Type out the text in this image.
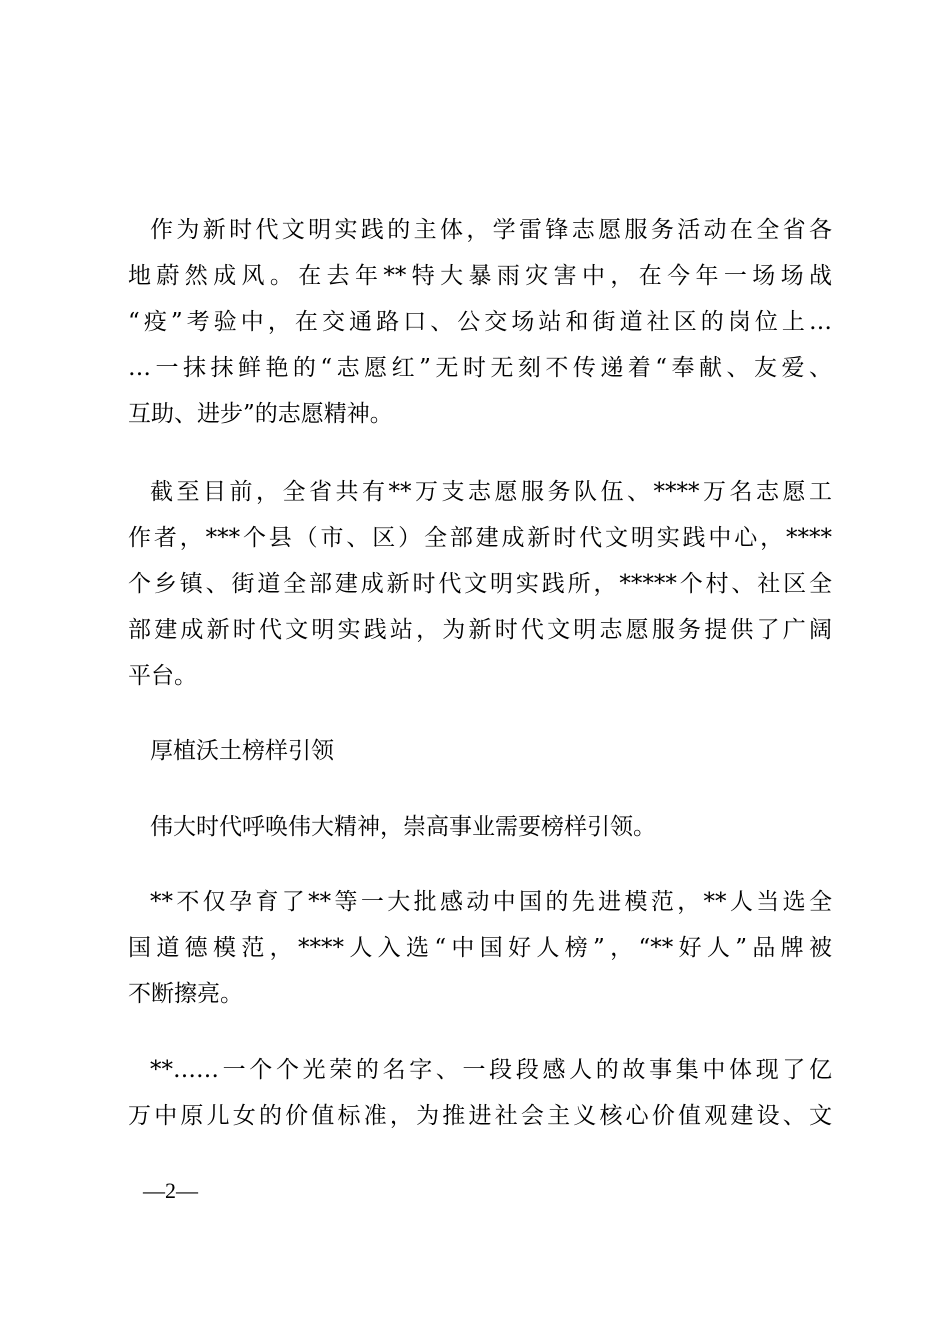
作为新时代文明实践的主体，学雷锋志愿服务活动在全省各
地蔚然成风。在去年**特大暴雨灾害中，在今年一场场战
“疫”考验中，在交通路口、公交场站和街道社区的岗位上…
…一抹抹鲜艳的“志愿红”无时无刻不传递着“奉献、友爱、
互助、进步”的志愿精神。
截至目前，全省共有**万支志愿服务队伍、****万名志愿工
作者，***个县（市、区）全部建成新时代文明实践中心，****
个乡镇、街道全部建成新时代文明实践所，*****个村、社区全
部建成新时代文明实践站，为新时代文明志愿服务提供了广阔
平台。
厚植沃土榜样引领
伟大时代呼唤伟大精神，崇高事业需要榜样引领。
**不仅孕育了**等一大批感动中国的先进模范，**人当选全
国道德模范，****人入选“中国好人榜”，“**好人”品牌被
不断擦亮。
**……一个个光荣的名字、一段段感人的故事集中体现了亿
万中原儿女的价值标准，为推进社会主义核心价值观建设、文
—2—
